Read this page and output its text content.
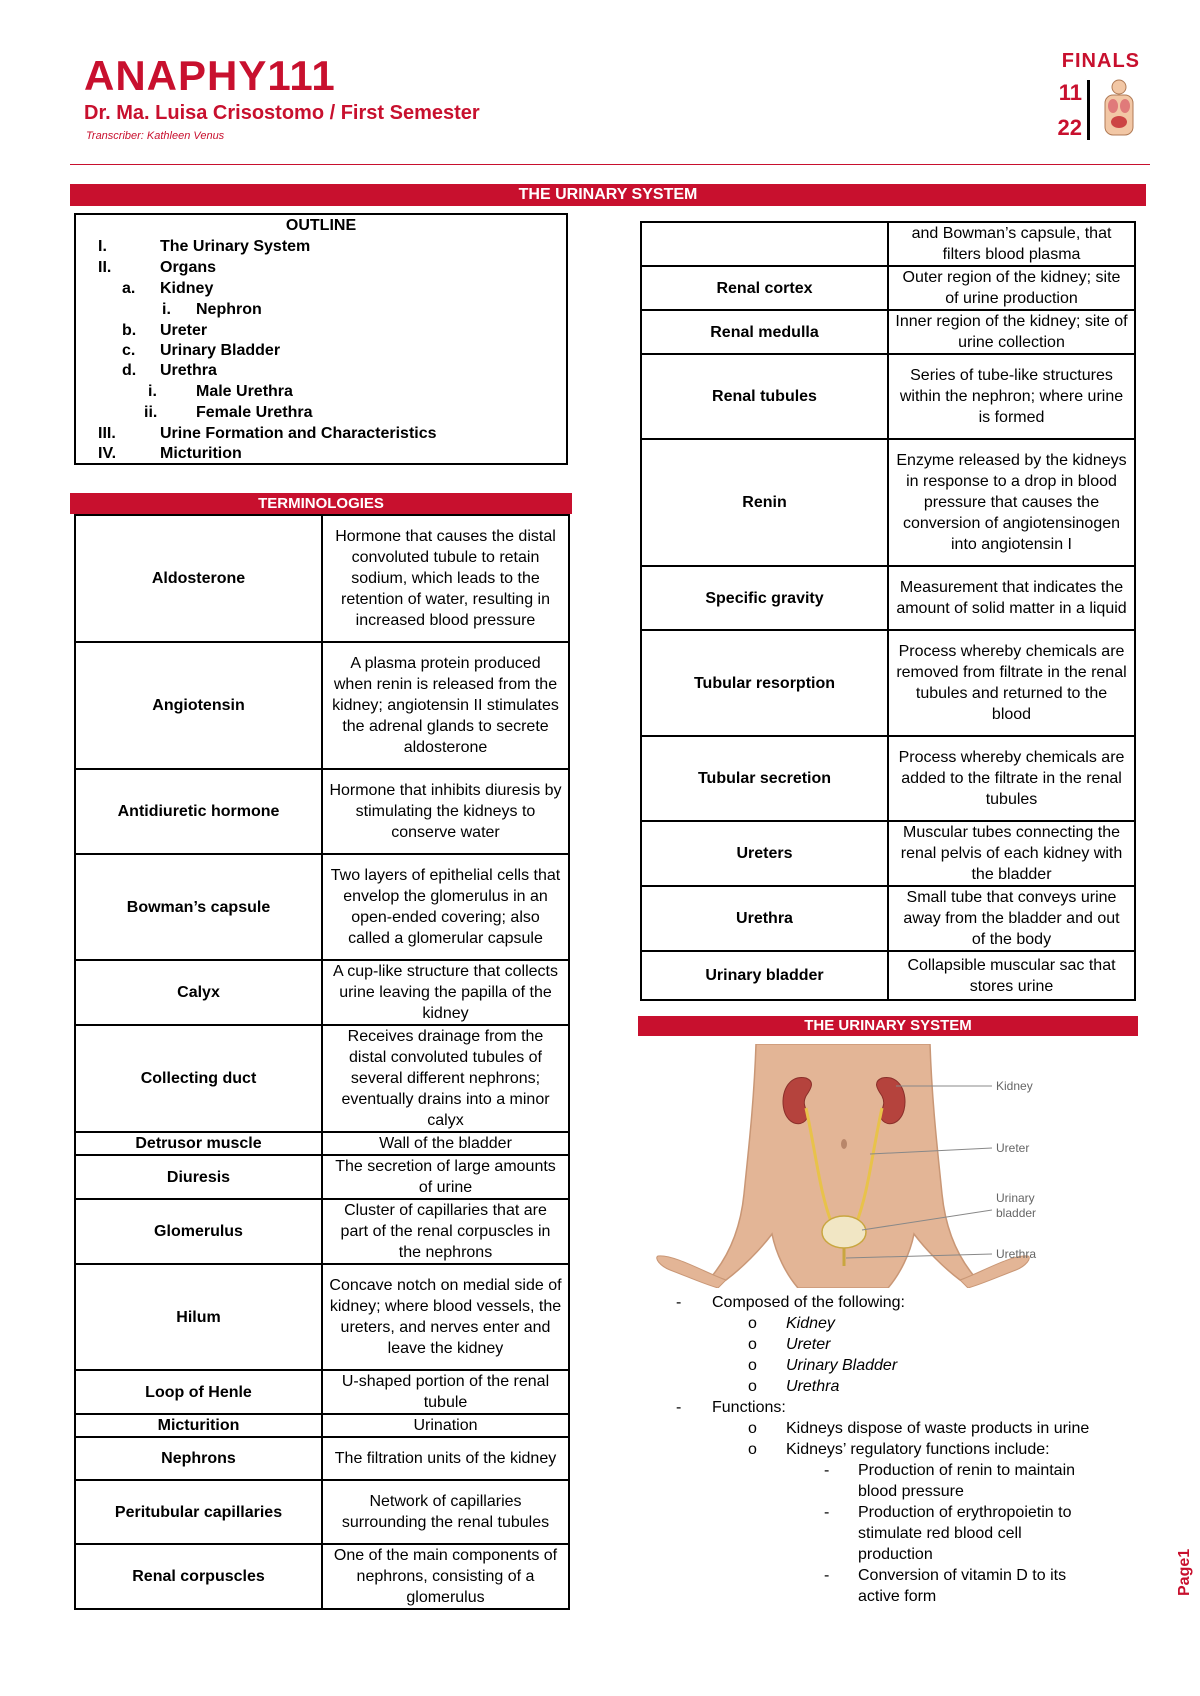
ANAPHY111
Dr. Ma. Luisa Crisostomo / First Semester
Transcriber: Kathleen Venus
FINALS
11
22
THE URINARY SYSTEM
OUTLINE
I.	The Urinary System
II.	Organs
a. Kidney
i. Nephron
b. Ureter
c. Urinary Bladder
d. Urethra
i. Male Urethra
ii. Female Urethra
III.	Urine Formation and Characteristics
IV.	Micturition
TERMINOLOGIES
Aldosterone	Hormone that causes the distal convoluted tubule to retain sodium, which leads to the retention of water, resulting in increased blood pressure
Angiotensin	A plasma protein produced when renin is released from the kidney; angiotensin II stimulates the adrenal glands to secrete aldosterone
Antidiuretic hormone	Hormone that inhibits diuresis by stimulating the kidneys to conserve water
Bowman’s capsule	Two layers of epithelial cells that envelop the glomerulus in an open-ended covering; also called a glomerular capsule
Calyx	A cup-like structure that collects urine leaving the papilla of the kidney
Collecting duct	Receives drainage from the distal convoluted tubules of several different nephrons; eventually drains into a minor calyx
Detrusor muscle	Wall of the bladder
Diuresis	The secretion of large amounts of urine
Glomerulus	Cluster of capillaries that are part of the renal corpuscles in the nephrons
Hilum	Concave notch on medial side of kidney; where blood vessels, the ureters, and nerves enter and leave the kidney
Loop of Henle	U-shaped portion of the renal tubule
Micturition	Urination
Nephrons	The filtration units of the kidney
Peritubular capillaries	Network of capillaries surrounding the renal tubules
Renal corpuscles	One of the main components of nephrons, consisting of a glomerulus
	and Bowman’s capsule, that filters blood plasma
Renal cortex	Outer region of the kidney; site of urine production
Renal medulla	Inner region of the kidney; site of urine collection
Renal tubules	Series of tube-like structures within the nephron; where urine is formed
Renin	Enzyme released by the kidneys in response to a drop in blood pressure that causes the conversion of angiotensinogen into angiotensin I
Specific gravity	Measurement that indicates the amount of solid matter in a liquid
Tubular resorption	Process whereby chemicals are removed from filtrate in the renal tubules and returned to the blood
Tubular secretion	Process whereby chemicals are added to the filtrate in the renal tubules
Ureters	Muscular tubes connecting the renal pelvis of each kidney with the bladder
Urethra	Small tube that conveys urine away from the bladder and out of the body
Urinary bladder	Collapsible muscular sac that stores urine
THE URINARY SYSTEM
Kidney
Ureter
Urinary
bladder
Urethra
- Composed of the following:
o Kidney
o Ureter
o Urinary Bladder
o Urethra
- Functions:
o Kidneys dispose of waste products in urine
o Kidneys’ regulatory functions include:
- Production of renin to maintain
blood pressure
- Production of erythropoietin to
stimulate red blood cell
production
- Conversion of vitamin D to its
active form
Page1
